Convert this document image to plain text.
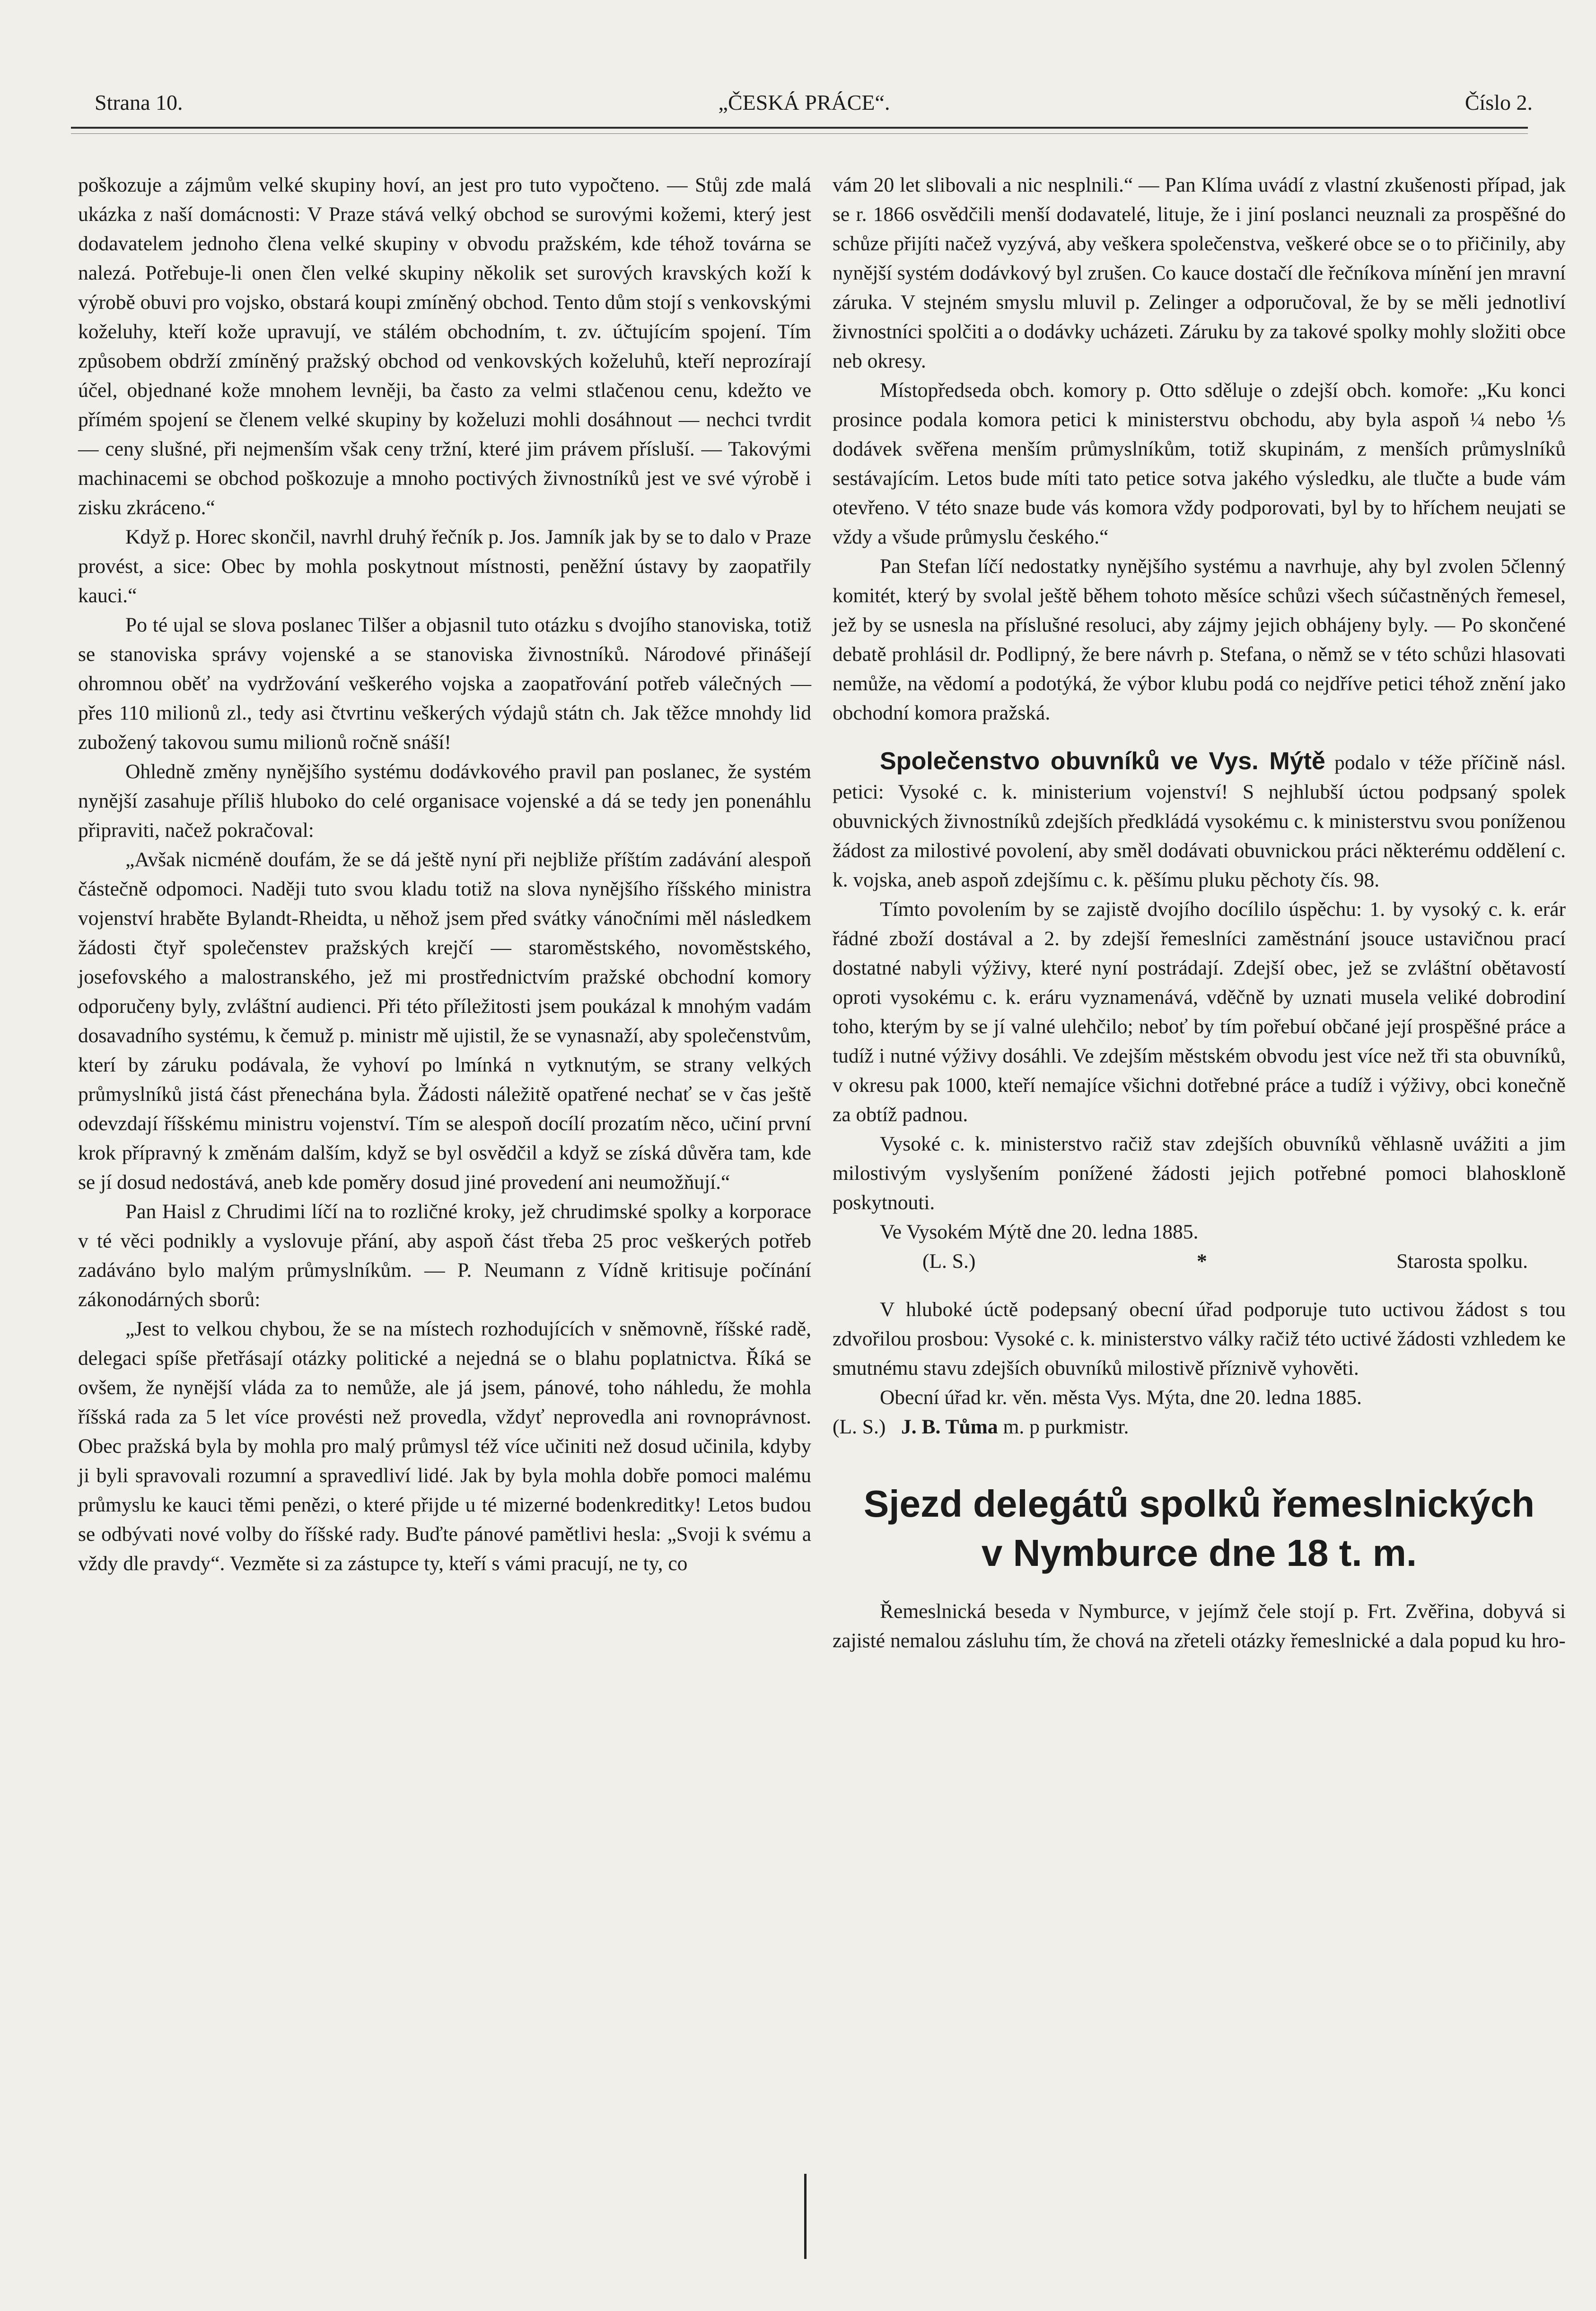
Strana 10.	„ČESKÁ PRÁCE“.	Číslo 2.

poškozuje a zájmům velké skupiny hoví, an jest pro tuto vypočteno. — Stůj zde malá ukázka z naší domácnosti: V Praze stává velký obchod se surovými kožemi, který jest dodavatelem jednoho člena velké skupiny v obvodu pražském, kde téhož továrna se nalezá. Potřebuje-li onen člen velké skupiny několik set surových kravských koží k výrobě obuvi pro vojsko, obstará koupi zmíněný obchod. Tento dům stojí s venkovskými koželuhy, kteří kože upravují, ve stálém obchodním, t. zv. účtujícím spojení. Tím způsobem obdrží zmíněný pražský obchod od venkovských koželuhů, kteří neprozírají účel, objednané kože mnohem levněji, ba často za velmi stlačenou cenu, kdežto ve přímém spojení se členem velké skupiny by koželuzi mohli dosáhnout — nechci tvrdit — ceny slušné, při nejmenším však ceny tržní, které jim právem přísluší. — Takovými machinacemi se obchod poškozuje a mnoho poctivých živnostníků jest ve své výrobě i zisku zkráceno.“

Když p. Horec skončil, navrhl druhý řečník p. Jos. Jamník jak by se to dalo v Praze provést, a sice: Obec by mohla poskytnout místnosti, peněžní ústavy by zaopatřily kauci.“

Po té ujal se slova poslanec Tilšer a objasnil tuto otázku s dvojího stanoviska, totiž se stanoviska správy vojenské a se stanoviska živnostníků. Národové přinášejí ohromnou oběť na vydržování veškerého vojska a zaopatřování potřeb válečných — přes 110 milionů zl., tedy asi čtvrtinu veškerých výdajů státn ch. Jak těžce mnohdy lid zubožený takovou sumu milionů ročně snáší!

Ohledně změny nynějšího systému dodávkového pravil pan poslanec, že systém nynější zasahuje příliš hluboko do celé organisace vojenské a dá se tedy jen ponenáhlu připraviti, načež pokračoval:

„Avšak nicméně doufám, že se dá ještě nyní při nejbliže příštím zadávání alespoň částečně odpomoci. Naději tuto svou kladu totiž na slova nynějšího říšského ministra vojenství hraběte Bylandt-Rheidta, u něhož jsem před svátky vánočními měl následkem žádosti čtyř společenstev pražských krejčí — staroměstského, novoměstského, josefovského a malostranského, jež mi prostřednictvím pražské obchodní komory odporučeny byly, zvláštní audienci. Při této příležitosti jsem poukázal k mnohým vadám dosavadního systému, k čemuž p. ministr mě ujistil, že se vynasnaží, aby společenstvům, kterí by záruku podávala, že vyhoví po lmínká n vytknutým, se strany velkých průmyslníků jistá část přenechána byla. Žádosti náležitě opatřené nechať se v čas ještě odevzdají říšskému ministru vojenství. Tím se alespoň docílí prozatím něco, učiní první krok přípravný k změnám dalším, když se byl osvědčil a když se získá důvěra tam, kde se jí dosud nedostává, aneb kde poměry dosud jiné provedení ani neumožňují.“

Pan Haisl z Chrudimi líčí na to rozličné kroky, jež chrudimské spolky a korporace v té věci podnikly a vyslovuje přání, aby aspoň část třeba 25 proc veškerých potřeb zadáváno bylo malým průmyslníkům. — P. Neumann z Vídně kritisuje počínání zákonodárných sborů:

„Jest to velkou chybou, že se na místech rozhodujících v sněmovně, říšské radě, delegaci spíše přetřásají otázky politické a nejedná se o blahu poplatnictva. Říká se ovšem, že nynější vláda za to nemůže, ale já jsem, pánové, toho náhledu, že mohla říšská rada za 5 let více provésti než provedla, vždyť neprovedla ani rovnoprávnost. Obec pražská byla by mohla pro malý průmysl též více učiniti než dosud učinila, kdyby ji byli spravovali rozumní a spravedliví lidé. Jak by byla mohla dobře pomoci malému průmyslu ke kauci těmi penězi, o které přijde u té mizerné bodenkreditky! Letos budou se odbývati nové volby do říšské rady. Buďte pánové pamětlivi hesla: „Svoji k svému a vždy dle pravdy“. Vezměte si za zástupce ty, kteří s vámi pracují, ne ty, co

vám 20 let slibovali a nic nesplnili.“ — Pan Klíma uvádí z vlastní zkušenosti případ, jak se r. 1866 osvědčili menší dodavatelé, lituje, že i jiní poslanci neuznali za prospěšné do schůze přijíti načež vyzývá, aby veškera společenstva, veškeré obce se o to přičinily, aby nynější systém dodávkový byl zrušen. Co kauce dostačí dle řečníkova mínění jen mravní záruka. V stejném smyslu mluvil p. Zelinger a odporučoval, že by se měli jednotliví živnostníci spolčiti a o dodávky ucházeti. Záruku by za takové spolky mohly složiti obce neb okresy.

Místopředseda obch. komory p. Otto sděluje o zdejší obch. komoře: „Ku konci prosince podala komora petici k ministerstvu obchodu, aby byla aspoň ¼ nebo ⅕ dodávek svěřena menším průmyslníkům, totiž skupinám, z menších průmyslníků sestávajícím. Letos bude míti tato petice sotva jakého výsledku, ale tlučte a bude vám otevřeno. V této snaze bude vás komora vždy podporovati, byl by to hříchem neujati se vždy a všude průmyslu českého.“

Pan Stefan líčí nedostatky nynějšího systému a navrhuje, ahy byl zvolen 5členný komitét, který by svolal ještě během tohoto měsíce schůzi všech súčastněných řemesel, jež by se usnesla na příslušné resoluci, aby zájmy jejich obhájeny byly. — Po skončené debatě prohlásil dr. Podlipný, že bere návrh p. Stefana, o němž se v této schůzi hlasovati nemůže, na vědomí a podotýká, že výbor klubu podá co nejdříve petici téhož znění jako obchodní komora pražská.

Společenstvo obuvníků ve Vys. Mýtě podalo v téže příčině násl. petici: Vysoké c. k. ministerium vojenství! S nejhlubší úctou podpsaný spolek obuvnických živnostníků zdejších předkládá vysokému c. k ministerstvu svou poníženou žádost za milostivé povolení, aby směl dodávati obuvnickou práci některému oddělení c. k. vojska, aneb aspoň zdejšímu c. k. pěšímu pluku pěchoty čís. 98.

Tímto povolením by se zajistě dvojího docílilo úspěchu: 1. by vysoký c. k. erár řádné zboží dostával a 2. by zdejší řemeslníci zaměstnání jsouce ustavičnou prací dostatné nabyli výživy, které nyní postrádají. Zdejší obec, jež se zvláštní obětavostí oproti vysokému c. k. eráru vyznamenává, vděčně by uznati musela veliké dobrodiní toho, kterým by se jí valné ulehčilo; neboť by tím pořebuí občané její prospěšné práce a tudíž i nutné výživy dosáhli. Ve zdejším městském obvodu jest více než tři sta obuvníků, v okresu pak 1000, kteří nemajíce všichni dotřebné práce a tudíž i výživy, obci konečně za obtíž padnou.

Vysoké c. k. ministerstvo račiž stav zdejších obuvníků věhlasně uvážiti a jim milostivým vyslyšením ponížené žádosti jejich potřebné pomoci blahoskloně poskytnouti.

Ve Vysokém Mýtě dne 20. ledna 1885.

(L. S.)	*	Starosta spolku.

V hluboké úctě podepsaný obecní úřad podporuje tuto uctivou žádost s tou zdvořilou prosbou: Vysoké c. k. ministerstvo války račiž této uctivé žádosti vzhledem ke smutnému stavu zdejších obuvníků milostivě příznivě vyhověti.

Obecní úřad kr. věn. města Vys. Mýta, dne 20. ledna 1885.

(L. S.) J. B. Tůma m. p purkmistr.

Sjezd delegátů spolků řemeslnických

v Nymburce dne 18 t. m.

Řemeslnická beseda v Nymburce, v jejímž čele stojí p. Frt. Zvěřina, dobyvá si zajisté nemalou zásluhu tím, že chová na zřeteli otázky řemeslnické a dala popud ku hro-
